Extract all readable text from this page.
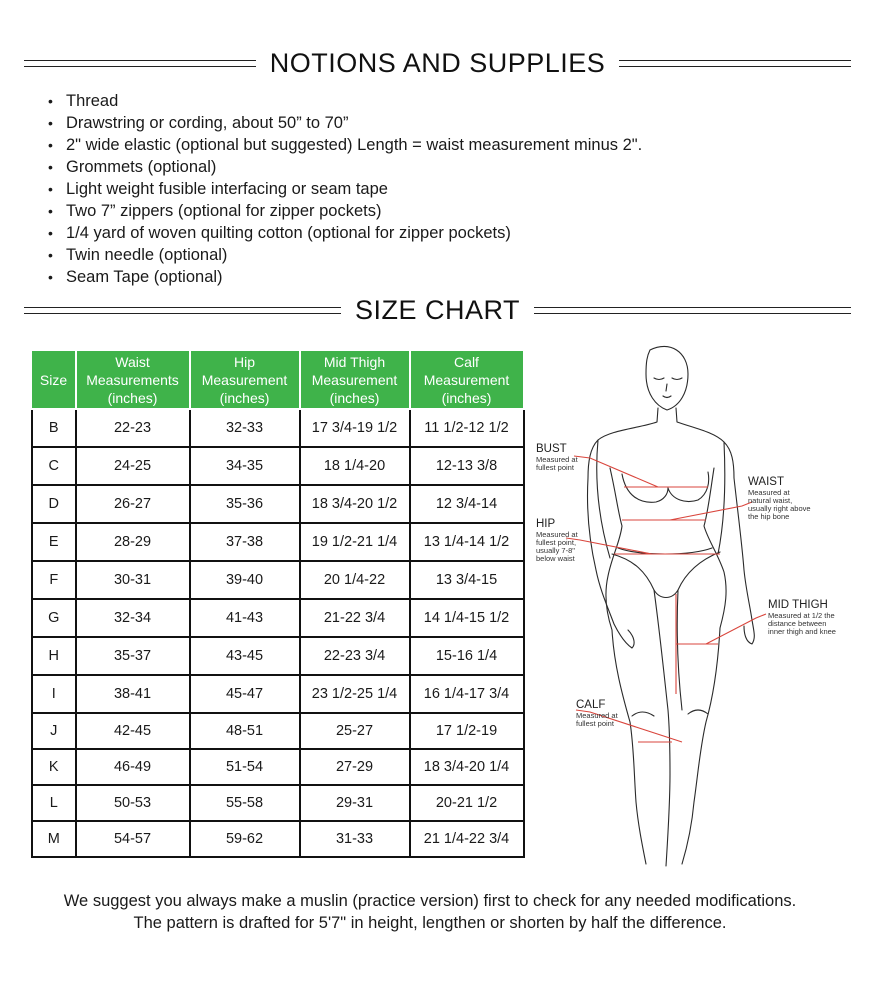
NOTIONS AND SUPPLIES
• Thread
• Drawstring or cording, about 50” to 70”
• 2" wide elastic (optional but suggested) Length = waist measurement minus 2".
• Grommets (optional)
• Light weight fusible interfacing or seam tape
• Two 7” zippers (optional for zipper pockets)
• 1/4 yard of woven quilting cotton (optional for zipper pockets)
• Twin needle (optional)
• Seam Tape (optional)
SIZE CHART
Size	Waist
Measurements
(inches)	Hip
Measurement
(inches)	Mid Thigh
Measurement
(inches)	Calf
Measurement
(inches)

B	22-23	32-33	17 3/4-19 1/2	11 1/2-12 1/2
C	24-25	34-35	18 1/4-20	12-13 3/8
D	26-27	35-36	18 3/4-20 1/2	12 3/4-14
E	28-29	37-38	19 1/2-21 1/4	13 1/4-14 1/2
F	30-31	39-40	20 1/4-22	13 3/4-15
G	32-34	41-43	21-22 3/4	14 1/4-15 1/2
H	35-37	43-45	22-23 3/4	15-16 1/4
I	38-41	45-47	23 1/2-25 1/4	16 1/4-17 3/4
J	42-45	48-51	25-27	17 1/2-19
K	46-49	51-54	27-29	18 3/4-20 1/4
L	50-53	55-58	29-31	20-21 1/2
M	54-57	59-62	31-33	21 1/4-22 3/4
BUST
Measured at
fullest point
WAIST
Measured at
natural waist,
usually right above
the hip bone
HIP
Measured at
fullest point,
usually 7-8"
below waist
MID THIGH
Measured at 1/2 the
distance between
inner thigh and knee
CALF
Measured at
fullest point
We suggest you always make a muslin (practice version) first to check for any needed modifications. The pattern is drafted for 5'7" in height, lengthen or shorten by half the difference.
